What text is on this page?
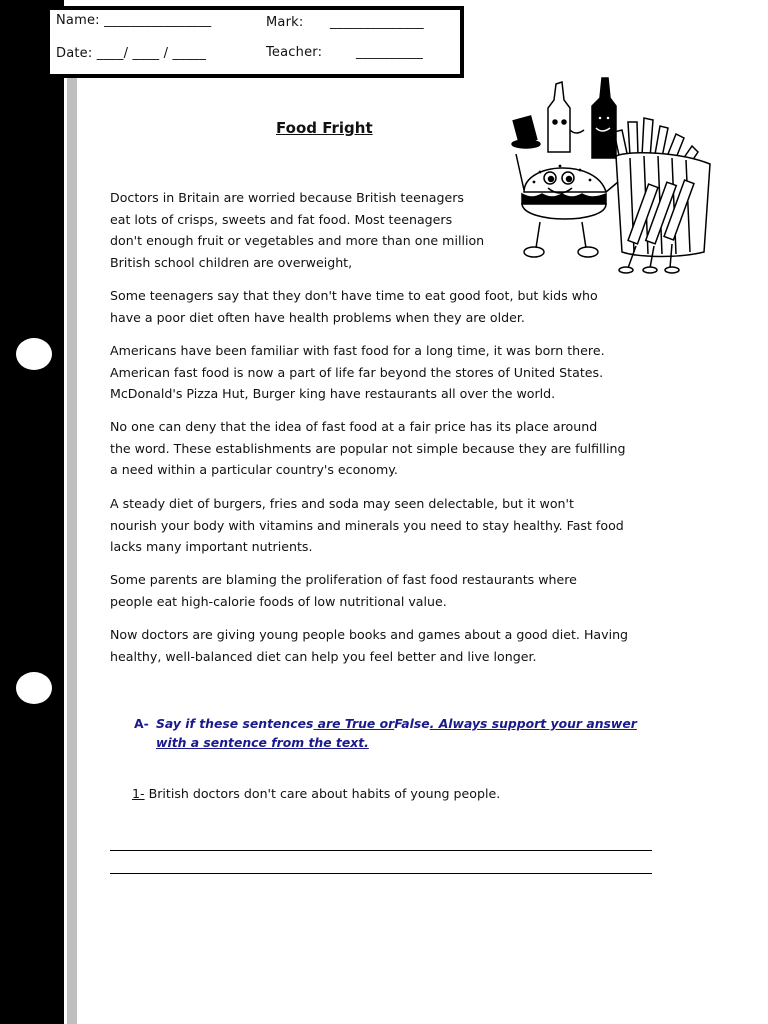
Name: ________________	Mark: ______________
Date: ____/ ____ / _____	Teacher:	__________
Food Fright
Doctors in Britain are worried because British teenagers
eat lots of crisps, sweets and fat food. Most teenagers
don't enough fruit or vegetables and more than one million
British school children are overweight,
Some teenagers say that they don't have time to eat good foot, but kids who
have a poor diet often have health problems when they are older.
Americans have been familiar with fast food for a long time, it was born there.
American fast food is now a part of life far beyond the stores of United States.
McDonald's Pizza Hut, Burger king have restaurants all over the world.
No one can deny that the idea of fast food at a fair price has its place around
the word. These establishments are popular not simple because they are fulfilling
a need within a particular country's economy.
A steady diet of burgers, fries and soda may seen delectable, but it won't
nourish your body with vitamins and minerals you need to stay healthy. Fast food
lacks many important nutrients.
Some parents are blaming the proliferation of fast food restaurants where
people eat high-calorie foods of low nutritional value.
Now doctors are giving young people books and games about a good diet. Having
healthy, well-balanced diet can help you feel better and live longer.
A- Say if these sentences are True orFalse. Always support your answer
with a sentence from the text.
1- British doctors don't care about habits of young people.
